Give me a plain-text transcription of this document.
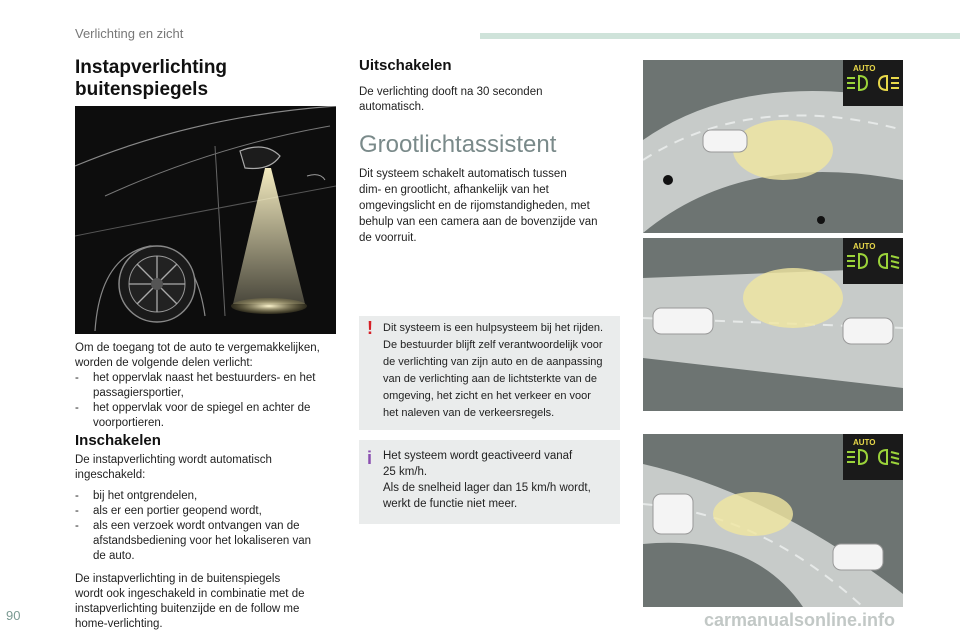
Verlichting en zicht
Instapverlichting
buitenspiegels

Om de toegang tot de auto te vergemakkelijken,

worden de volgende delen verlicht:

-	het oppervlak naast het bestuurders- en het

passagiersportier,

-	het oppervlak voor de spiegel en achter de

voorportieren.

Inschakelen

De instapverlichting wordt automatisch

ingeschakeld:

-	bij het ontgrendelen,

-	als er een portier geopend wordt,

-	als een verzoek wordt ontvangen van de

afstandsbediening voor het lokaliseren van

de auto.

De instapverlichting in de buitenspiegels

wordt ook ingeschakeld in combinatie met de

instapverlichting buitenzijde en de follow me

home-verlichting.

Uitschakelen

De verlichting dooft na 30 seconden

automatisch.

Grootlichtassistent

Dit systeem schakelt automatisch tussen

dim- en grootlicht, afhankelijk van het

omgevingslicht en de rijomstandigheden, met

behulp van een camera aan de bovenzijde van

de voorruit.

! Dit systeem is een hulpsysteem bij het rijden.

De bestuurder blijft zelf verantwoordelijk voor

de verlichting van zijn auto en de aanpassing

van de verlichting aan de lichtsterkte van de

omgeving, het zicht en het verkeer en voor

het naleven van de verkeersregels.

i Het systeem wordt geactiveerd vanaf

25 km/h.

Als de snelheid lager dan 15 km/h wordt,

werkt de functie niet meer.

AUTO
AUTO
AUTO
90	carmanualsonline.info
